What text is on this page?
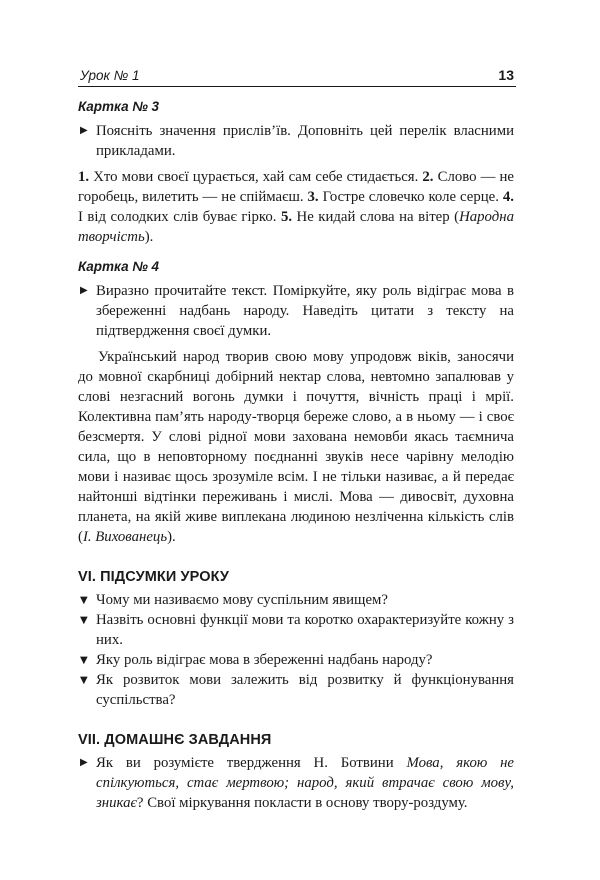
Урок № 1	13
Картка № 3
▶ Поясніть значення прислів’їв. Доповніть цей перелік власними прикладами.
1. Хто мови своєї цурається, хай сам себе стидається. 2. Слово — не горобець, вилетить — не спіймаєш. 3. Гостре словечко коле серце. 4. І від солодких слів буває гірко. 5. Не кидай слова на вітер (Народна творчість).
Картка № 4
▶ Виразно прочитайте текст. Поміркуйте, яку роль відіграє мова в збереженні надбань народу. Наведіть цитати з тексту на підтвердження своєї думки.
Український народ творив свою мову упродовж віків, заносячи до мовної скарбниці добірний нектар слова, невтомно запалював у слові незгасний вогонь думки і почуття, вічність праці і мрії. Колективна пам’ять народу-творця береже слово, а в ньому — і своє безсмертя. У слові рідної мови захована немовби якась таємнича сила, що в неповторному поєднанні звуків несе чарівну мелодію мови і називає щось зрозуміле всім. І не тільки називає, а й передає найтонші відтінки переживань і мислі. Мова — дивосвіт, духовна планета, на якій живе виплекана людиною незліченна кількість слів (І. Вихованець).
VI. ПІДСУМКИ УРОКУ
▼ Чому ми називаємо мову суспільним явищем?
▼ Назвіть основні функції мови та коротко охарактеризуйте кожну з них.
▼ Яку роль відіграє мова в збереженні надбань народу?
▼ Як розвиток мови залежить від розвитку й функціонування суспільства?
VII. ДОМАШНЄ ЗАВДАННЯ
▶ Як ви розумієте твердження Н. Ботвини Мова, якою не спілкуються, стає мертвою; народ, який втрачає свою мову, зникає? Свої міркування покласти в основу твору-роздуму.
